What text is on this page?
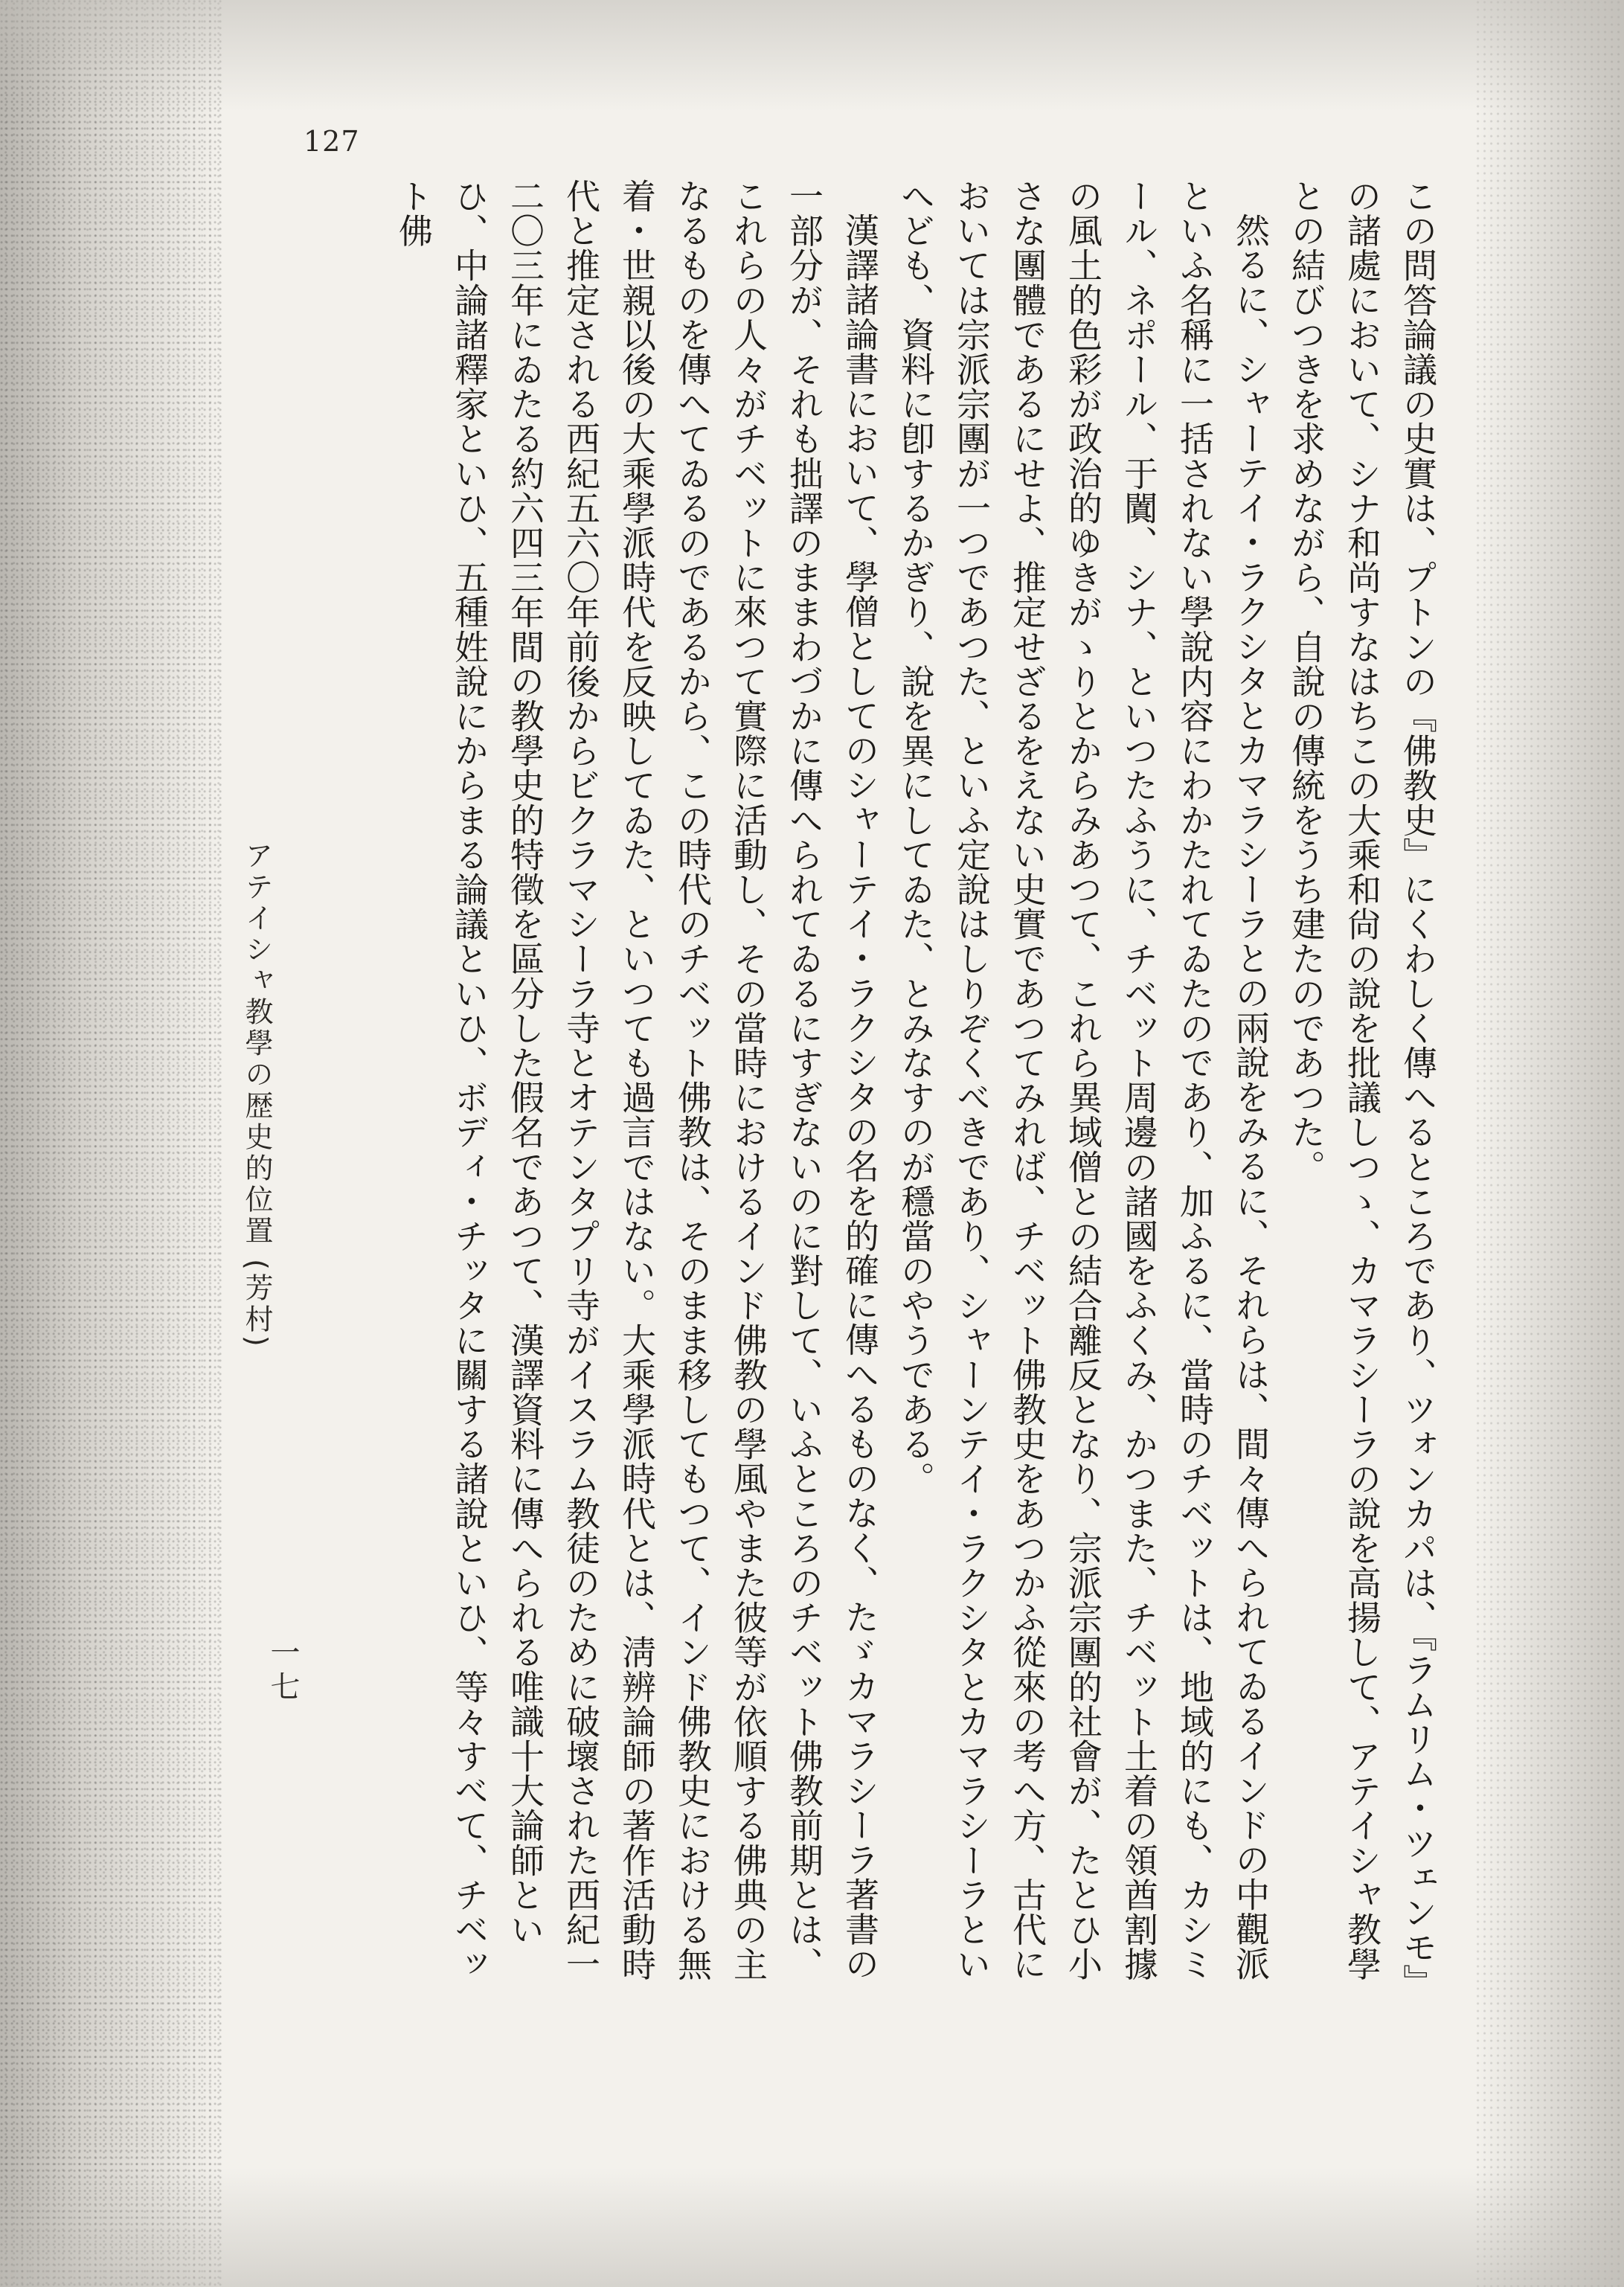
127

この問答論議の史實は、プトンの『佛教史』にくわしく傳へるところであり、ツォンカパは、『ラムリム・ツェンモ』の諸處において、シナ和尚すなはちこの大乘和尙の說を批議しつゝ、カマラシーラの說を高揚して、アテイシャ教學との結びつきを求めながら、自說の傳統をうち建たのであつた。

然るに、シャーテイ・ラクシタとカマラシーラとの兩說をみるに、それらは、間々傳へられてゐるインドの中觀派といふ名稱に一括されない學說内容にわかたれてゐたのであり、加ふるに、當時のチベットは、地域的にも、カシミール、ネポール、于闐、シナ、といつたふうに、チベット周邊の諸國をふくみ、かつまた、チベット土着の領酋割據の風土的色彩が政治的ゆきがゝりとからみあつて、これら異域僧との結合離反となり、宗派宗團的社會が、たとひ小さな團體であるにせよ、推定せざるをえない史實であつてみれば、チベット佛教史をあつかふ從來の考へ方、古代においては宗派宗團が一つであつた、といふ定說はしりぞくべきであり、シャーンテイ・ラクシタとカマラシーラといへども、資料に卽するかぎり、說を異にしてゐた、とみなすのが穩當のやうである。

漢譯諸論書において、學僧としてのシャーテイ・ラクシタの名を的確に傳へるものなく、たゞカマラシーラ著書の一部分が、それも拙譯のままわづかに傳へられてゐるにすぎないのに對して、いふところのチベット佛教前期とは、これらの人々がチベットに來つて實際に活動し、その當時におけるインド佛教の學風やまた彼等が依順する佛典の主なるものを傳へてゐるのであるから、この時代のチベット佛教は、そのまま移してもつて、インド佛教史における無着・世親以後の大乘學派時代を反映してゐた、といつても過言ではない。大乘學派時代とは、淸辨論師の著作活動時代と推定される西紀五六〇年前後からビクラマシーラ寺とオテンタプリ寺がイスラム教徒のために破壞された西紀一二〇三年にゐたる約六四三年間の教學史的特徵を區分した假名であつて、漢譯資料に傳へられる唯識十大論師といひ、中論諸釋家といひ、五種姓說にからまる論議といひ、ボディ・チッタに關する諸說といひ、等々すべて、チベット佛

アテイシャ教學の歴史的位置 (芳村)
一七
